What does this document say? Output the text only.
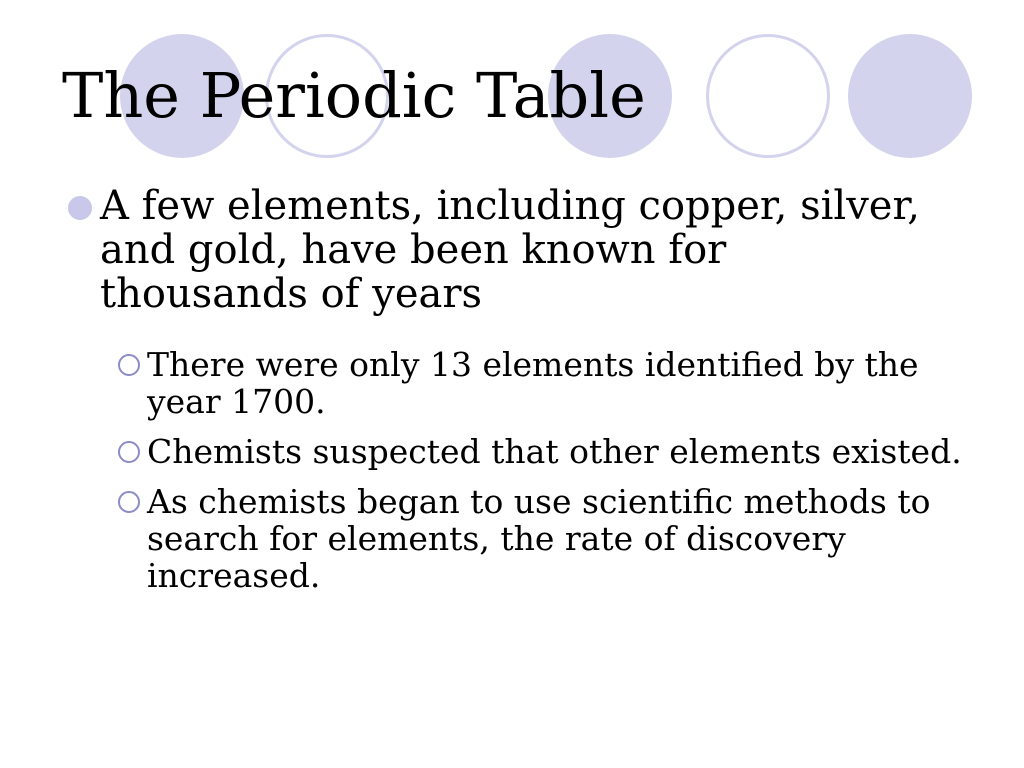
The Periodic Table

A few elements, including copper, silver, and gold, have been known for thousands of years

There were only 13 elements identified by the year 1700.
Chemists suspected that other elements existed.
As chemists began to use scientific methods to search for elements, the rate of discovery increased.
